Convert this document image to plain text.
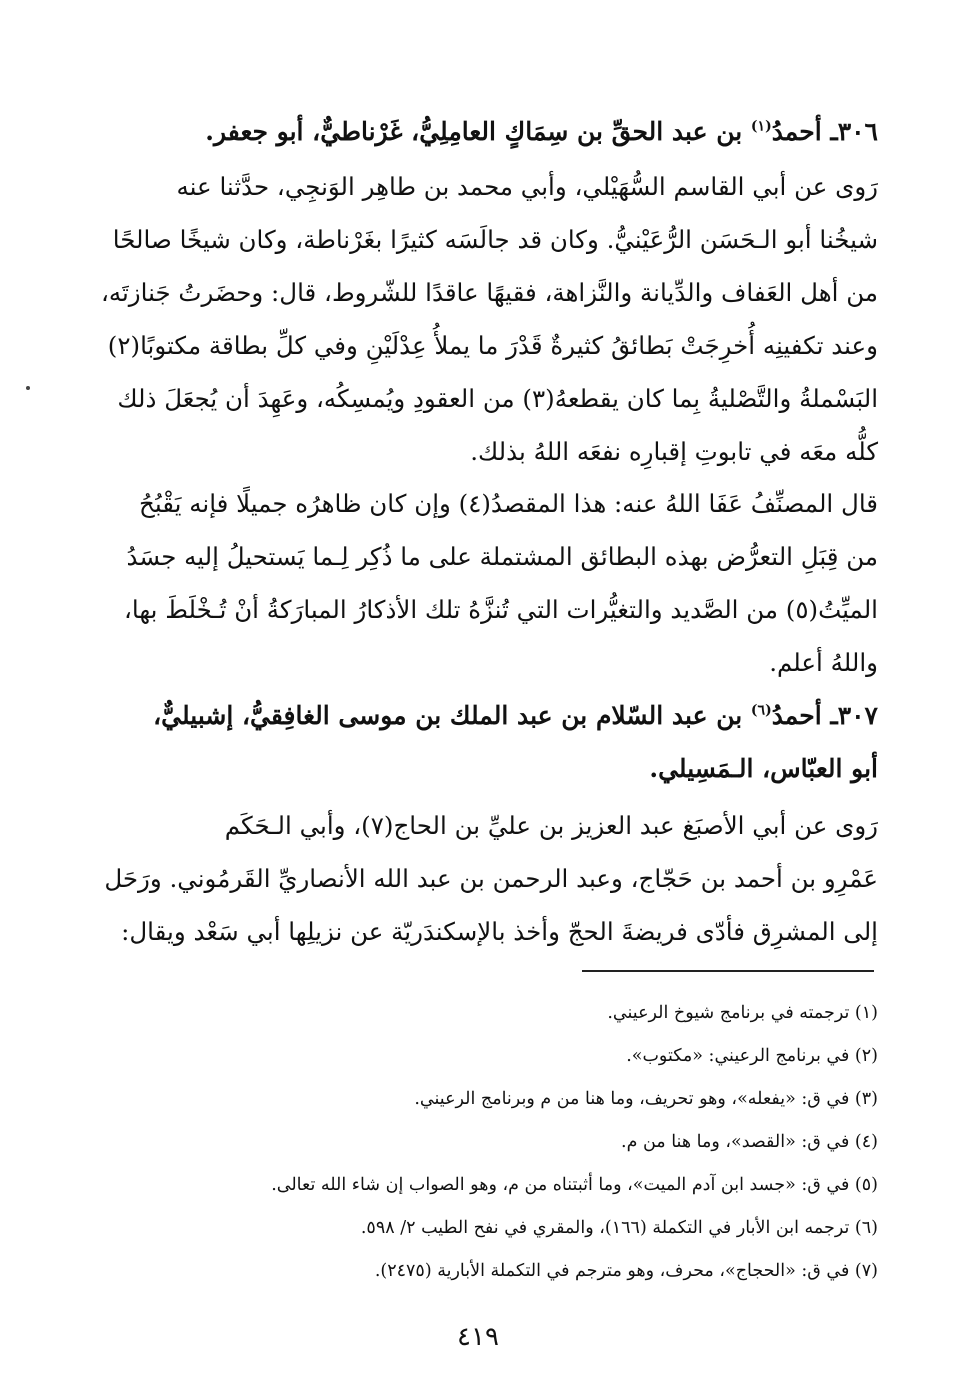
٣٠٦ـ أحمدُ$^{(١)}$ بن عبد الحقِّ بن سِمَاكٍ العامِلِيُّ، غَرْناطيٌّ، أبو جعفر.
رَوى عن أبي القاسم السُّهَيْلي، وأبي محمد بن طاهِر الوَنجِي، حدَّثنا عنه
شيخُنا أبو الـحَسَن الرُّعَيْنيُّ. وكان قد جالَسَه كثيرًا بغَرْناطة، وكان شيخًا صالحًا
من أهل العَفاف والدِّيانة والنَّزاهة، فقيهًا عاقدًا للشّروط، قال: وحضَرتُ جَنازتَه،
وعند تكفينِه أُخرِجَتْ بَطائقُ كثيرةٌ قَدْرَ ما يملأُ عِدْلَيْنِ وفي كلِّ بطاقة مكتوبًا(٢)
البَسْملةُ والتَّصْليةُ بِما كان يقطعهُ(٣) من العقودِ ويُمسِكُه، وعَهِدَ أن يُجعَلَ ذلك
كلُّه معَه في تابوتِ إقبارِه نفعَه اللهُ بذلك.
قال المصنِّفُ عَفَا اللهُ عنه: هذا المقصدُ(٤) وإن كان ظاهرُه جميلًا فإنه يَقْبُحُ
من قِبَلِ التعرُّض بهذه البطائق المشتملة على ما ذُكِر لِـما يَستحيلُ إليه جسَدُ
الميِّتُ(٥) من الصَّديد والتغيُّرات التي تُنزَّهُ تلك الأذكارُ المبارَكةُ أنْ تُـخْلَطَ بها،
واللهُ أعلم.
٣٠٧ـ أحمدُ$^{(٦)}$ بن عبد السّلام بن عبد الملك بن موسى الغافِقيُّ، إشبيليٌّ،
أبو العبّاس، الـمَسِيلي.
رَوى عن أبي الأصبَغ عبد العزيز بن عليِّ بن الحاج(٧)، وأبي الـحَكَم
عَمْرِو بن أحمد بن حَجّاج، وعبد الرحمن بن عبد الله الأنصاريِّ القَرمُوني. ورَحَل
إلى المشرِق فأدّى فريضةَ الحجّ وأخذ بالإسكندَريّة عن نزيلِها أبي سَعْد ويقال:
(١) ترجمته في برنامج شيوخ الرعيني.
(٢) في برنامج الرعيني: «مكتوب».
(٣) في ق: «يفعله»، وهو تحريف، وما هنا من م وبرنامج الرعيني.
(٤) في ق: «القصد»، وما هنا من م.
(٥) في ق: «جسد ابن آدم الميت»، وما أثبتناه من م، وهو الصواب إن شاء الله تعالى.
(٦) ترجمه ابن الأبار في التكملة (١٦٦)، والمقري في نفح الطيب ٢/ ٥٩٨.
(٧) في ق: «الحجاج»، محرف، وهو مترجم في التكملة الأبارية (٢٤٧٥).
٤١٩
